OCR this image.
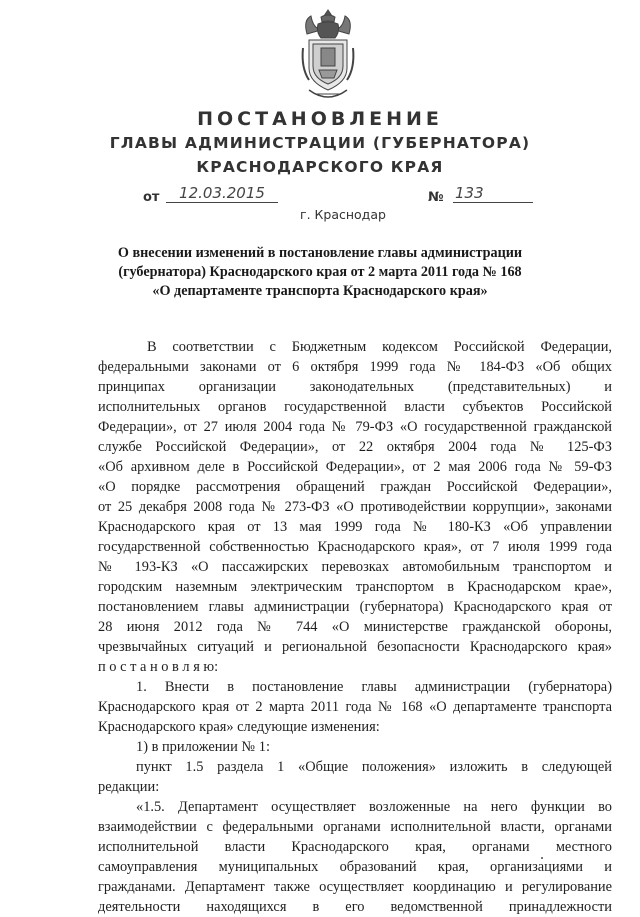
ПОСТАНОВЛЕНИЕ
ГЛАВЫ АДМИНИСТРАЦИИ (ГУБЕРНАТОРА)
КРАСНОДАРСКОГО КРАЯ
от	12.03.2015	№ 133
г. Краснодар
О внесении изменений в постановление главы администрации
(губернатора) Краснодарского края от 2 марта 2011 года № 168
«О департаменте транспорта Краснодарского края»
В соответствии с Бюджетным кодексом Российской Федерации,
федеральными законами от 6 октября 1999 года № 184-ФЗ «Об общих
принципах организации законодательных (представительных) и
исполнительных органов государственной власти субъектов Российской
Федерации», от 27 июля 2004 года № 79-ФЗ «О государственной гражданской
службе Российской Федерации», от 22 октября 2004 года № 125-ФЗ
«Об архивном деле в Российской Федерации», от 2 мая 2006 года № 59-ФЗ
«О порядке рассмотрения обращений граждан Российской Федерации»,
от 25 декабря 2008 года № 273-ФЗ «О противодействии коррупции», законами
Краснодарского края от 13 мая 1999 года № 180-КЗ «Об управлении
государственной собственностью Краснодарского края», от 7 июля 1999 года
№ 193-КЗ «О пассажирских перевозках автомобильным транспортом и
городским наземным электрическим транспортом в Краснодарском крае»,
постановлением главы администрации (губернатора) Краснодарского края от
28 июня 2012 года № 744 «О министерстве гражданской обороны,
чрезвычайных ситуаций и региональной безопасности Краснодарского края»
п о с т а н о в л я ю:
1. Внести в постановление главы администрации (губернатора)
Краснодарского края от 2 марта 2011 года № 168 «О департаменте транспорта
Краснодарского края» следующие изменения:
1) в приложении № 1:
пункт 1.5 раздела 1 «Общие положения» изложить в следующей
редакции:
«1.5. Департамент осуществляет возложенные на него функции во
взаимодействии с федеральными органами исполнительной власти, органами
исполнительной власти Краснодарского края, органами местного
самоуправления муниципальных образований края, организациями и
гражданами. Департамент также осуществляет координацию и регулирование
деятельности находящихся в его ведомственной принадлежности
